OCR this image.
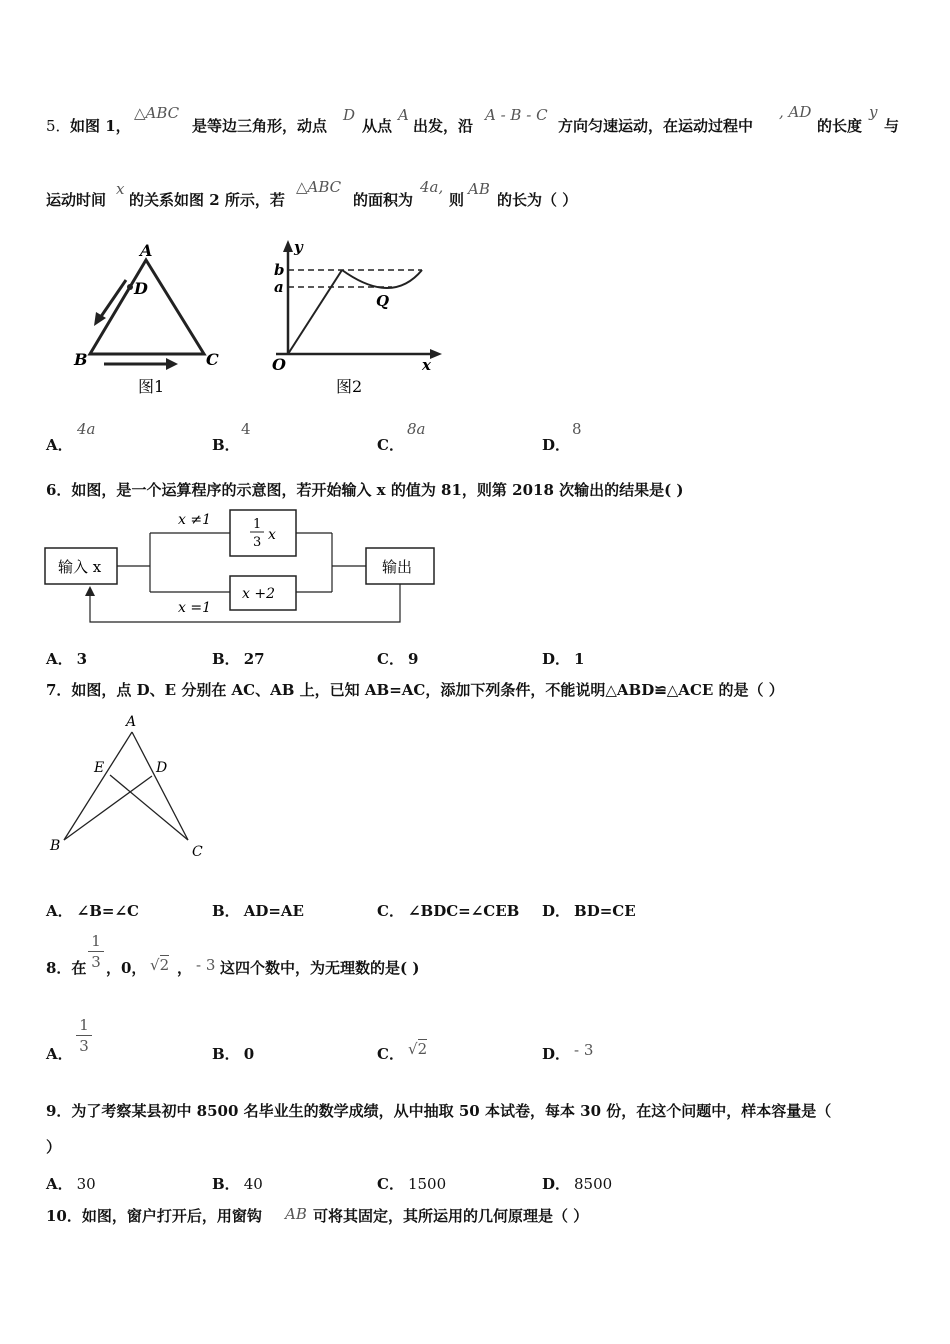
5． 如图 1，
△ABC
是等边三角形，动点
D
从点
A
出发，沿
A - B - C
方向匀速运动，在运动过程中
, AD
的长度
y
与
运动时间
x
的关系如图 2 所示，若
△ABC
的面积为
4a,
则
AB
的长为（ ）
A
D
B	C
图1
y
b
a
Q
O	x
图2
A．
4a
B．
4
C．
8a
D．
8
6．如图，是一个运算程序的示意图，若开始输入 x 的值为 81，则第 2018 次输出的结果是( )
输入 x
x ≠1
x =1
1
3 x
x +2
输出
A． 3	B． 27	C． 9	D． 1
7．如图，点 D、E 分别在 AC、AB 上，已知 AB=AC，添加下列条件，不能说明△ABD≌△ACE 的是（ ）
A
E	D
B	C
A． ∠B=∠C	B． AD=AE	C． ∠BDC=∠CEB D． BD=CE
8．在
1
3 ，0， √2 ， - 3 这四个数中，为无理数的是( )
A．
1
3	B． 0	C． √2	D． - 3
9．为了考察某县初中 8500 名毕业生的数学成绩，从中抽取 50 本试卷，每本 30 份，在这个问题中，样本容量是（
）
A． 30	B． 40	C． 1500	D． 8500
10．如图，窗户打开后，用窗钩 AB 可将其固定，其所运用的几何原理是（ ）
